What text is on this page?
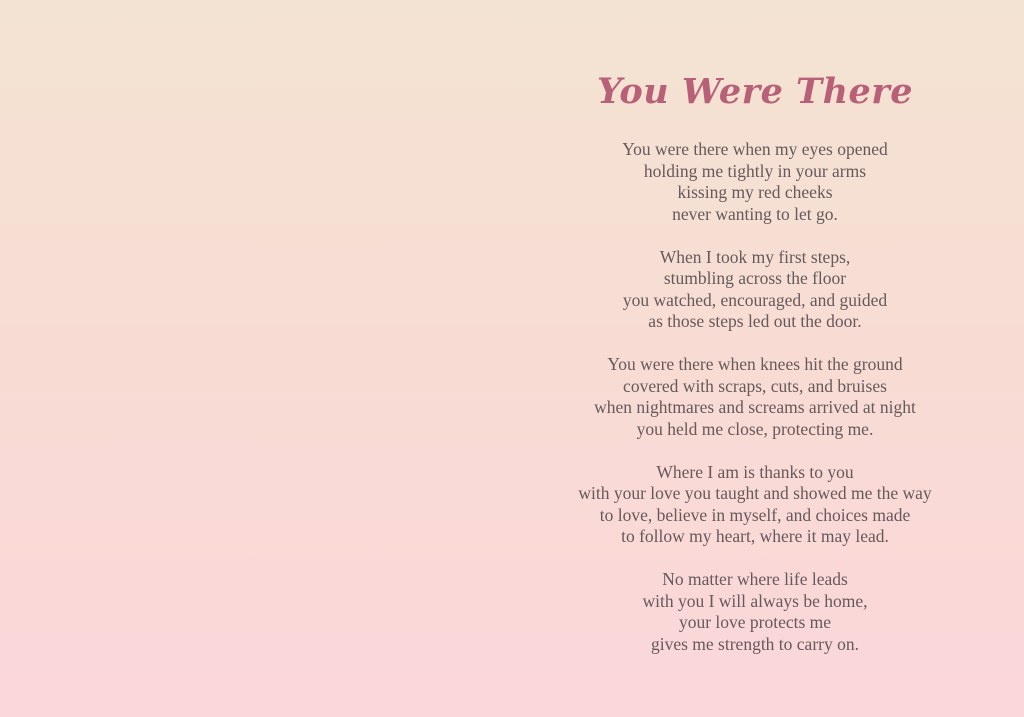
You Were There
You were there when my eyes opened
holding me tightly in your arms
kissing my red cheeks
never wanting to let go.
When I took my first steps,
stumbling across the floor
you watched, encouraged, and guided
as those steps led out the door.
You were there when knees hit the ground
covered with scraps, cuts, and bruises
when nightmares and screams arrived at night
you held me close, protecting me.
Where I am is thanks to you
with your love you taught and showed me the way
to love, believe in myself, and choices made
to follow my heart, where it may lead.
No matter where life leads
with you I will always be home,
your love protects me
gives me strength to carry on.
